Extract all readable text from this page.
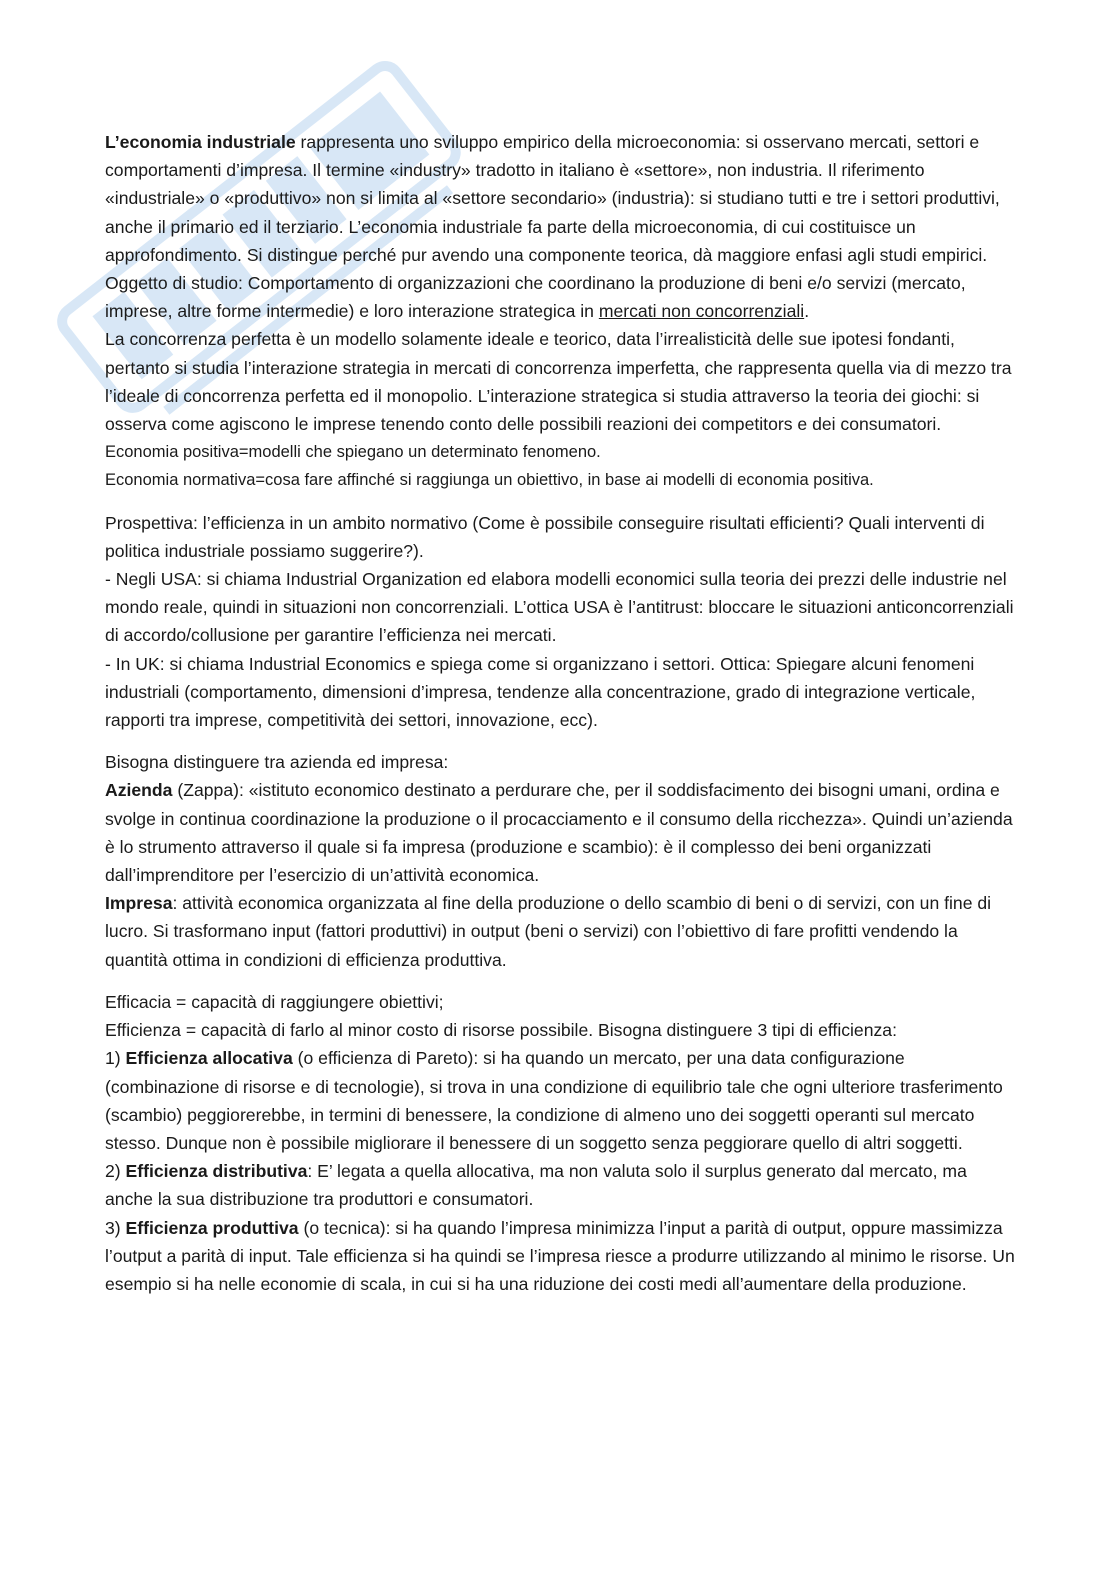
L’economia industriale rappresenta uno sviluppo empirico della microeconomia: si osservano mercati, settori e comportamenti d’impresa. Il termine «industry» tradotto in italiano è «settore», non industria. Il riferimento «industriale» o «produttivo» non si limita al «settore secondario» (industria): si studiano tutti e tre i settori produttivi, anche il primario ed il terziario. L’economia industriale fa parte della microeconomia, di cui costituisce un approfondimento. Si distingue perché pur avendo una componente teorica, dà maggiore enfasi agli studi empirici.

Oggetto di studio: Comportamento di organizzazioni che coordinano la produzione di beni e/o servizi (mercato, imprese, altre forme intermedie) e loro interazione strategica in mercati non concorrenziali.

La concorrenza perfetta è un modello solamente ideale e teorico, data l’irrealisticità delle sue ipotesi fondanti, pertanto si studia l’interazione strategia in mercati di concorrenza imperfetta, che rappresenta quella via di mezzo tra l’ideale di concorrenza perfetta ed il monopolio. L’interazione strategica si studia attraverso la teoria dei giochi: si osserva come agiscono le imprese tenendo conto delle possibili reazioni dei competitors e dei consumatori.

Economia positiva=modelli che spiegano un determinato fenomeno.

Economia normativa=cosa fare affinché si raggiunga un obiettivo, in base ai modelli di economia positiva.

Prospettiva: l’efficienza in un ambito normativo (Come è possibile conseguire risultati efficienti? Quali interventi di politica industriale possiamo suggerire?).

- Negli USA: si chiama Industrial Organization ed elabora modelli economici sulla teoria dei prezzi delle industrie nel mondo reale, quindi in situazioni non concorrenziali. L’ottica USA è l’antitrust: bloccare le situazioni anticoncorrenziali di accordo/collusione per garantire l’efficienza nei mercati.

- In UK: si chiama Industrial Economics e spiega come si organizzano i settori. Ottica: Spiegare alcuni fenomeni industriali (comportamento, dimensioni d’impresa, tendenze alla concentrazione, grado di integrazione verticale, rapporti tra imprese, competitività dei settori, innovazione, ecc).

Bisogna distinguere tra azienda ed impresa:

Azienda (Zappa): «istituto economico destinato a perdurare che, per il soddisfacimento dei bisogni umani, ordina e svolge in continua coordinazione la produzione o il procacciamento e il consumo della ricchezza». Quindi un’azienda è lo strumento attraverso il quale si fa impresa (produzione e scambio): è il complesso dei beni organizzati dall’imprenditore per l’esercizio di un’attività economica.

Impresa: attività economica organizzata al fine della produzione o dello scambio di beni o di servizi, con un fine di lucro. Si trasformano input (fattori produttivi) in output (beni o servizi) con l’obiettivo di fare profitti vendendo la quantità ottima in condizioni di efficienza produttiva.

Efficacia = capacità di raggiungere obiettivi;

Efficienza = capacità di farlo al minor costo di risorse possibile. Bisogna distinguere 3 tipi di efficienza:

1) Efficienza allocativa (o efficienza di Pareto): si ha quando un mercato, per una data configurazione (combinazione di risorse e di tecnologie), si trova in una condizione di equilibrio tale che ogni ulteriore trasferimento (scambio) peggiorerebbe, in termini di benessere, la condizione di almeno uno dei soggetti operanti sul mercato stesso. Dunque non è possibile migliorare il benessere di un soggetto senza peggiorare quello di altri soggetti.

2) Efficienza distributiva: E’ legata a quella allocativa, ma non valuta solo il surplus generato dal mercato, ma anche la sua distribuzione tra produttori e consumatori.

3) Efficienza produttiva (o tecnica): si ha quando l’impresa minimizza l’input a parità di output, oppure massimizza l’output a parità di input. Tale efficienza si ha quindi se l’impresa riesce a produrre utilizzando al minimo le risorse. Un esempio si ha nelle economie di scala, in cui si ha una riduzione dei costi medi all’aumentare della produzione.
